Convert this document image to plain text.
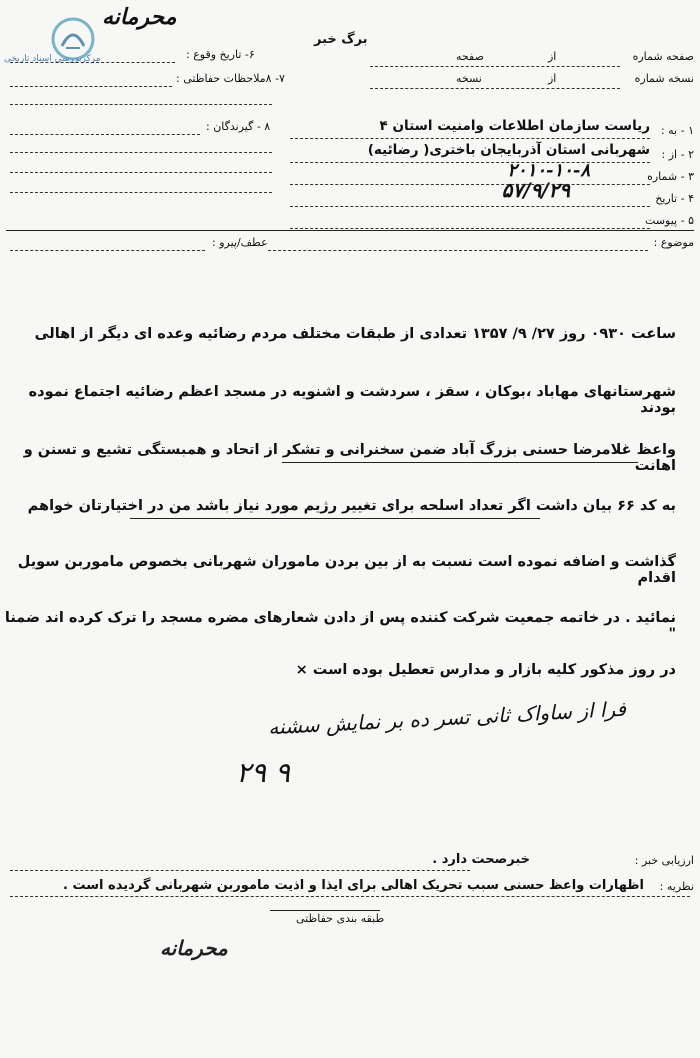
مرکزبررسی اسناد تاریخی
محرمانه
برگ خبر
صفحه شماره
از
صفحه
نسخه شماره
از
نسخه
۶- تاریخ وقوع :
۷- ۸ملاحظات حفاظتی :
۸ - گیرندگان :	۱ - به :
ریاست سازمان اطلاعات وامنیت استان ۴
۲ - از :
شهربانی استان آذربایجان باختری( رضائیه)
۳ - شماره
۲۰۱۰-۱۰-۸
۴ - تاریخ
۵۷/۹/۲۹
۵ - پیوست
موضوع :
عطف/پیرو :
ساعت ۰۹۳۰ روز ۲۷/ ۹/ ۱۳۵۷ تعدادی از طبقات مختلف مردم رضائیه وعده ای دیگر از اهالی
شهرستانهای مهاباد ،بوکان ، سقز ، سردشت و اشنویه در مسجد اعظم رضائیه اجتماع نموده بودند
واعظ غلامرضا حسنی بزرگ آباد ضمن سخنرانی و تشکر از اتحاد و همبستگی تشیع و تسنن و اهانت
به کد ۶۶ بیان داشت اگر تعداد اسلحه برای تغییر رژیم مورد نیاز باشد من در اختیارتان خواهم
گذاشت و اضافه نموده است نسبت به از بین بردن ماموران شهربانی بخصوص ماموربن سویل اقدام
نمائید . در خاتمه جمعیت شرکت کننده پس از دادن شعارهای مضره مسجد را ترک کرده اند ضمنا "
در روز مذکور کلیه بازار و مدارس تعطیل بوده است ×
فرا از ساواک ثانی تسر ده بر نمایش سشنه
۲۹ ۹
ارزیابی خبر :
خبرصحت دارد .
نظریه :
اظهارات واعظ حسنی سبب تحریک اهالی برای ایذا و اذیت ماموربن شهربانی گردیده است .
طبقه بندی حفاظتی
محرمانه
